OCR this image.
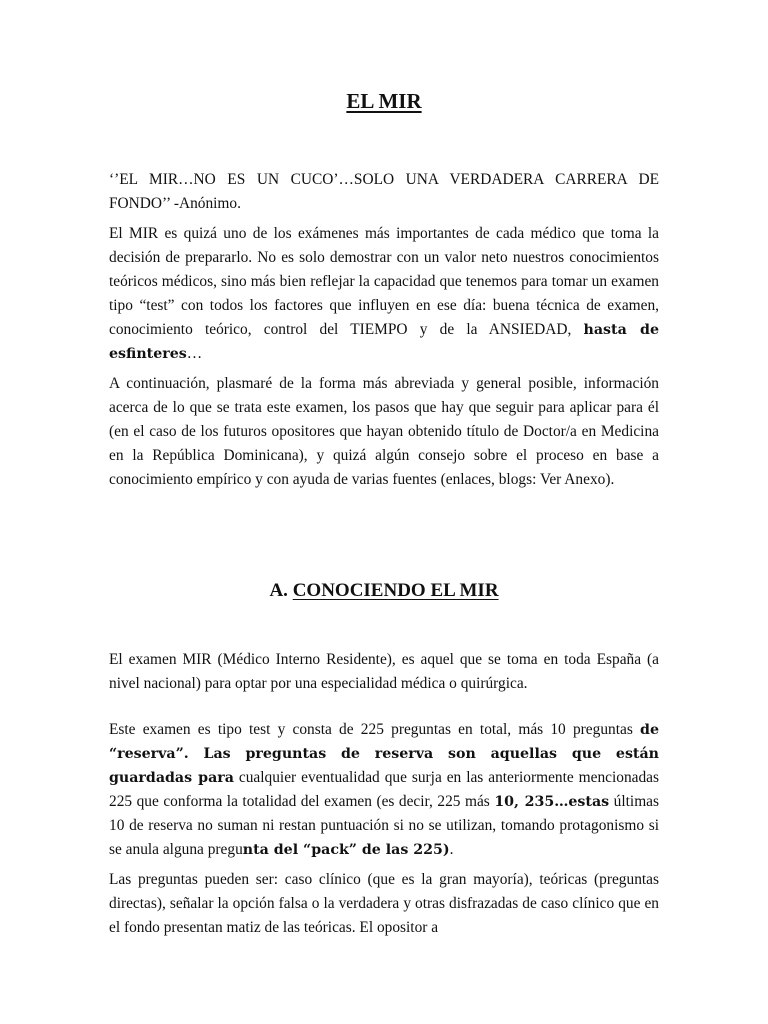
EL MIR

‘’EL MIR…NO ES UN CUCO’…SOLO UNA VERDADERA CARRERA DE FONDO’’ -Anónimo.

El MIR es quizá uno de los exámenes más importantes de cada médico que toma la decisión de prepararlo. No es solo demostrar con un valor neto nuestros conocimientos teóricos médicos, sino más bien reflejar la capacidad que tenemos para tomar un examen tipo “test” con todos los factores que influyen en ese día: buena técnica de examen, conocimiento teórico, control del TIEMPO y de la ANSIEDAD, hasta de esfinteres…

A continuación, plasmaré de la forma más abreviada y general posible, información acerca de lo que se trata este examen, los pasos que hay que seguir para aplicar para él (en el caso de los futuros opositores que hayan obtenido título de Doctor/a en Medicina en la República Dominicana), y quizá algún consejo sobre el proceso en base a conocimiento empírico y con ayuda de varias fuentes (enlaces, blogs: Ver Anexo).

A. CONOCIENDO EL MIR

El examen MIR (Médico Interno Residente), es aquel que se toma en toda España (a nivel nacional) para optar por una especialidad médica o quirúrgica.

Este examen es tipo test y consta de 225 preguntas en total, más 10 preguntas de “reserva”. Las preguntas de reserva son aquellas que están guardadas para cualquier eventualidad que surja en las anteriormente mencionadas 225 que conforma la totalidad del examen (es decir, 225 más 10, 235…estas últimas 10 de reserva no suman ni restan puntuación si no se utilizan, tomando protagonismo si se anula alguna pregunta del “pack” de las 225).

Las preguntas pueden ser: caso clínico (que es la gran mayoría), teóricas (preguntas directas), señalar la opción falsa o la verdadera y otras disfrazadas de caso clínico que en el fondo presentan matiz de las teóricas. El opositor a
